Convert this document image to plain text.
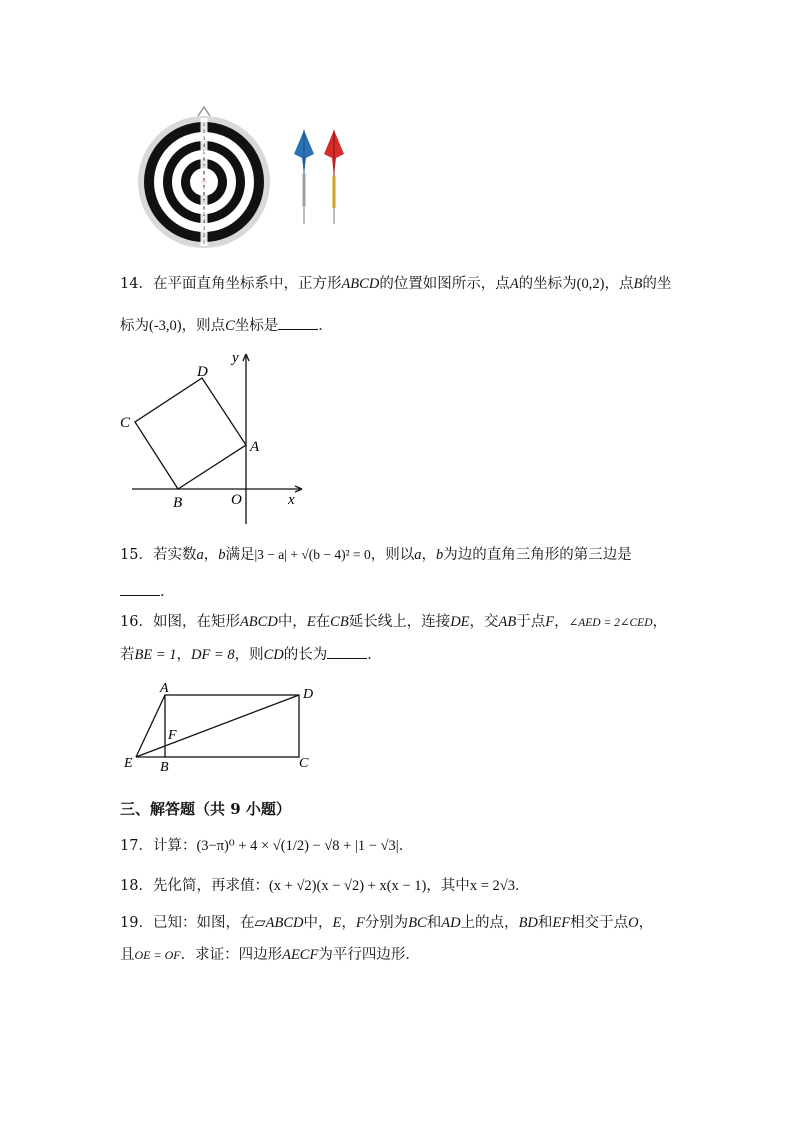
1
2
3
4
5
6
7
8
9
9
8
7
6
5
4
3
2
1
14．在平面直角坐标系中，正方形ABCD的位置如图所示，点A的坐标为(0,2)，点B的坐
标为(-3,0)，则点C坐标是	．
D
C
A
B	O	x
y
15．若实数a，b满足|3 − a| + √(b − 4)² = 0，则以a，b为边的直角三角形的第三边是
．
16．如图，在矩形ABCD中，E在CB延长线上，连接DE，交AB于点F，∠AED = 2∠CED，
若BE = 1，DF = 8，则CD的长为	．
A	D
F
E B	C
三、解答题（共 9 小题）
17．计算：(3−π)⁰ + 4 × √(1/2) − √8 + |1 − √3|．
18．先化简，再求值：(x + √2)(x − √2) + x(x − 1)，其中x = 2√3．
19．已知：如图，在▱ABCD中，E，F分别为BC和AD上的点，BD和EF相交于点O，
且OE = OF．求证：四边形AECF为平行四边形．
